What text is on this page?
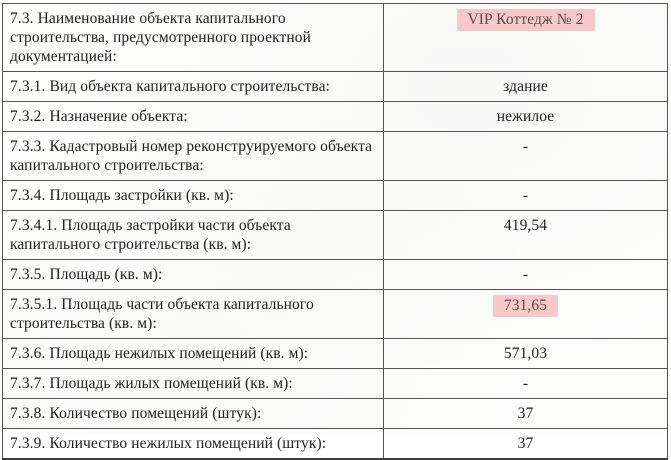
7.3. Наименование объекта капитального строительства, предусмотренного проектной документацией:	VIP Коттедж № 2
7.3.1. Вид объекта капитального строительства:	здание
7.3.2. Назначение объекта:	нежилое
7.3.3. Кадастровый номер реконструируемого объекта капитального строительства:	-
7.3.4. Площадь застройки (кв. м):	-
7.3.4.1. Площадь застройки части объекта капитального строительства (кв. м):	419,54
7.3.5. Площадь (кв. м):	-
7.3.5.1. Площадь части объекта капитального строительства (кв. м):	731,65
7.3.6. Площадь нежилых помещений (кв. м):	571,03
7.3.7. Площадь жилых помещений (кв. м):	-
7.3.8. Количество помещений (штук):	37
7.3.9. Количество нежилых помещений (штук):	37
